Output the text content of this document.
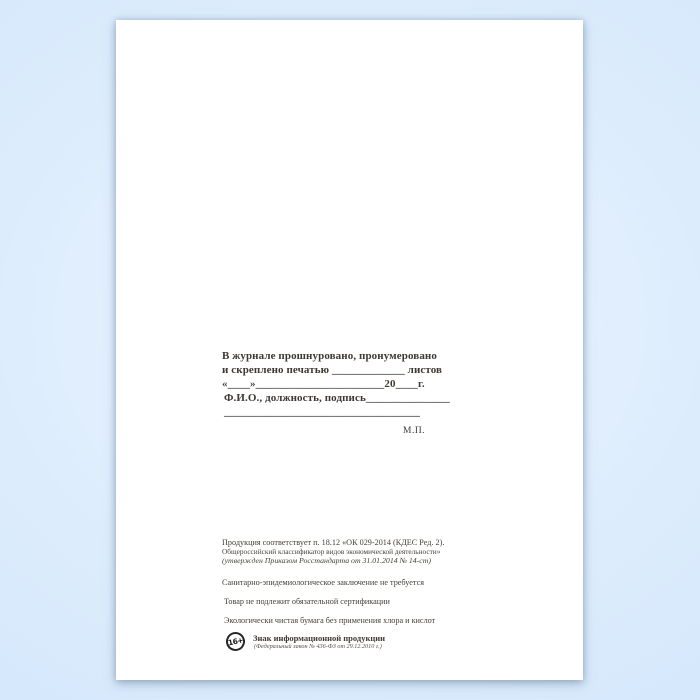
В журнале прошнуровано, пронумеровано
и скреплено печатью _____________ листов
«____»_______________________20____г.
Ф.И.О., должность, подпись_______________
___________________________________
М.П.
Продукция соответствует п. 18.12 «ОК 029-2014 (КДЕС Ред. 2).
Общероссийский классификатор видов экономической деятельности»
(утвержден Приказом Росстандарта от 31.01.2014 № 14-ст)
Санитарно-эпидемиологическое заключение не требуется
Товар не подлежит обязательной сертификации
Экологически чистая бумага без применения хлора и кислот
16+ Знак информационной продукции
(Федеральный закон № 436-ФЗ от 29.12.2010 г.)
